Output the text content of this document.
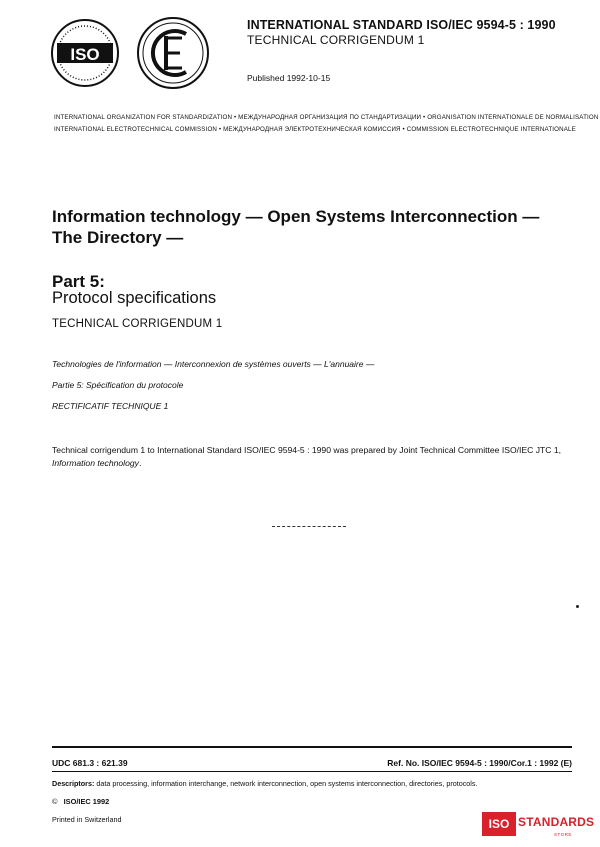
ISO
INTERNATIONAL STANDARD ISO/IEC 9594-5 : 1990
TECHNICAL CORRIGENDUM 1
Published 1992-10-15
INTERNATIONAL ORGANIZATION FOR STANDARDIZATION • МЕЖДУНАРОДНАЯ ОРГАНИЗАЦИЯ ПО СТАНДАРТИЗАЦИИ • ORGANISATION INTERNATIONALE DE NORMALISATION
INTERNATIONAL ELECTROTECHNICAL COMMISSION • МЕЖДУНАРОДНАЯ ЭЛЕКТРОТЕХНИЧЕСКАЯ КОМИССИЯ • COMMISSION ELECTROTECHNIQUE INTERNATIONALE
Information technology — Open Systems Interconnection — The Directory —
Part 5:
Protocol specifications
TECHNICAL CORRIGENDUM 1
Technologies de l'information — Interconnexion de systèmes ouverts — L'annuaire —
Partie 5: Spécification du protocole
RECTIFICATIF TECHNIQUE 1
Technical corrigendum 1 to International Standard ISO/IEC 9594-5 : 1990 was prepared by Joint Technical Committee ISO/IEC JTC 1, Information technology.
UDC 681.3 : 621.39	Ref. No. ISO/IEC 9594-5 : 1990/Cor.1 : 1992 (E)
Descriptors: data processing, information interchange, network interconnection, open systems interconnection, directories, protocols.
© ISO/IEC 1992
Printed in Switzerland	ISO STANDARDS
STORE
